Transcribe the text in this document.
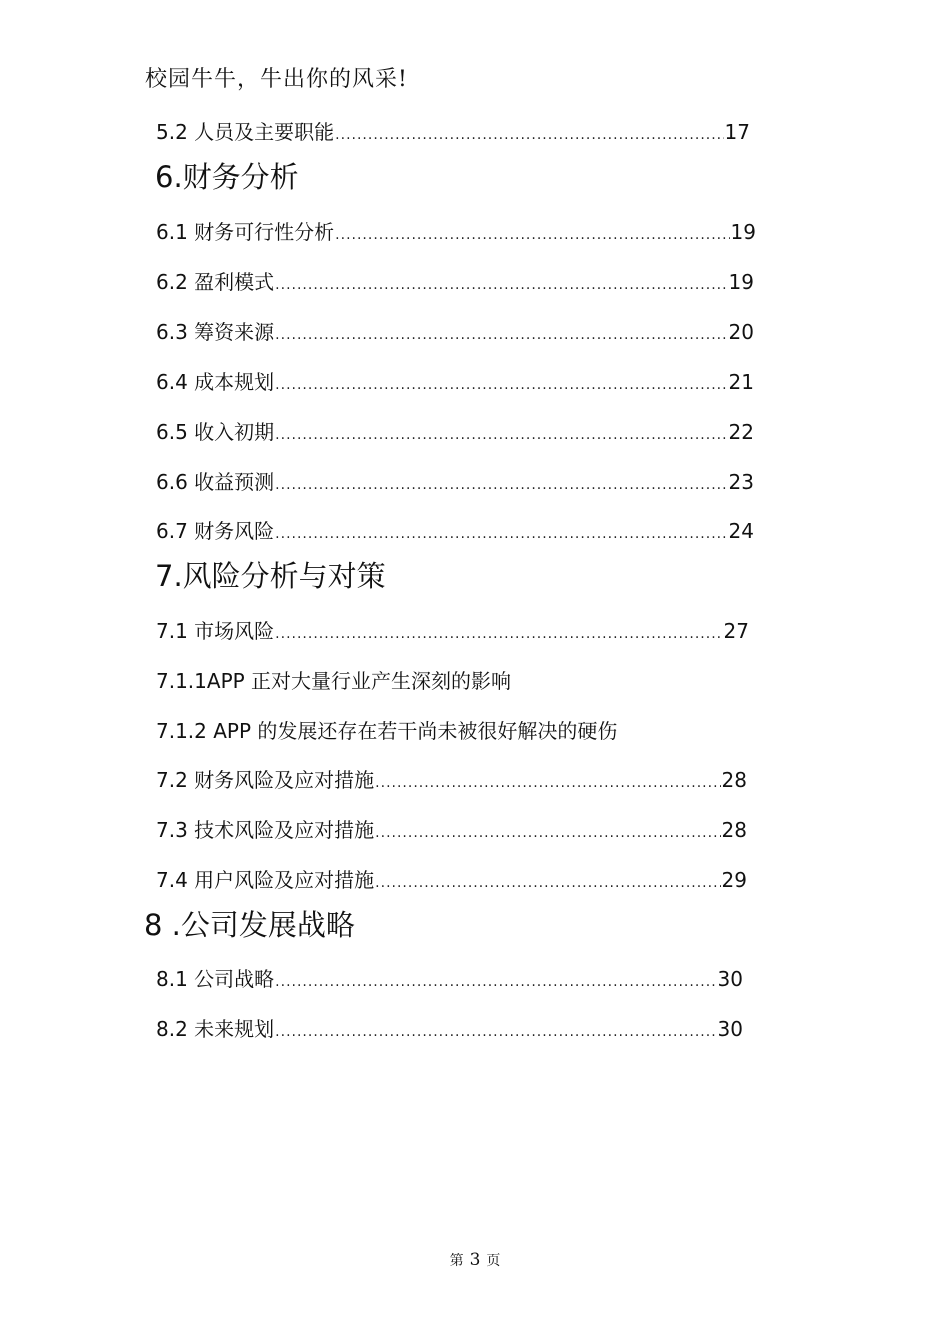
校园牛牛，牛出你的风采!
5.2 人员及主要职能 .....	17
6.财务分析
6.1 财务可行性分析 .....	19
6.2 盈利模式 .....	19
6.3 筹资来源 .....	20
6.4 成本规划 .....	21
6.5 收入初期 .....	22
6.6 收益预测 .....	23
6.7 财务风险 .....	24
7.风险分析与对策
7.1 市场风险 .....	27
7.1.1APP 正对大量行业产生深刻的影响
7.1.2 APP 的发展还存在若干尚未被很好解决的硬伤
7.2 财务风险及应对措施 .....	28
7.3 技术风险及应对措施 .....	28
7.4 用户风险及应对措施 .....	29
8 .公司发展战略
8.1 公司战略 .....	30
8.2 未来规划 .....	30
第 3 页
